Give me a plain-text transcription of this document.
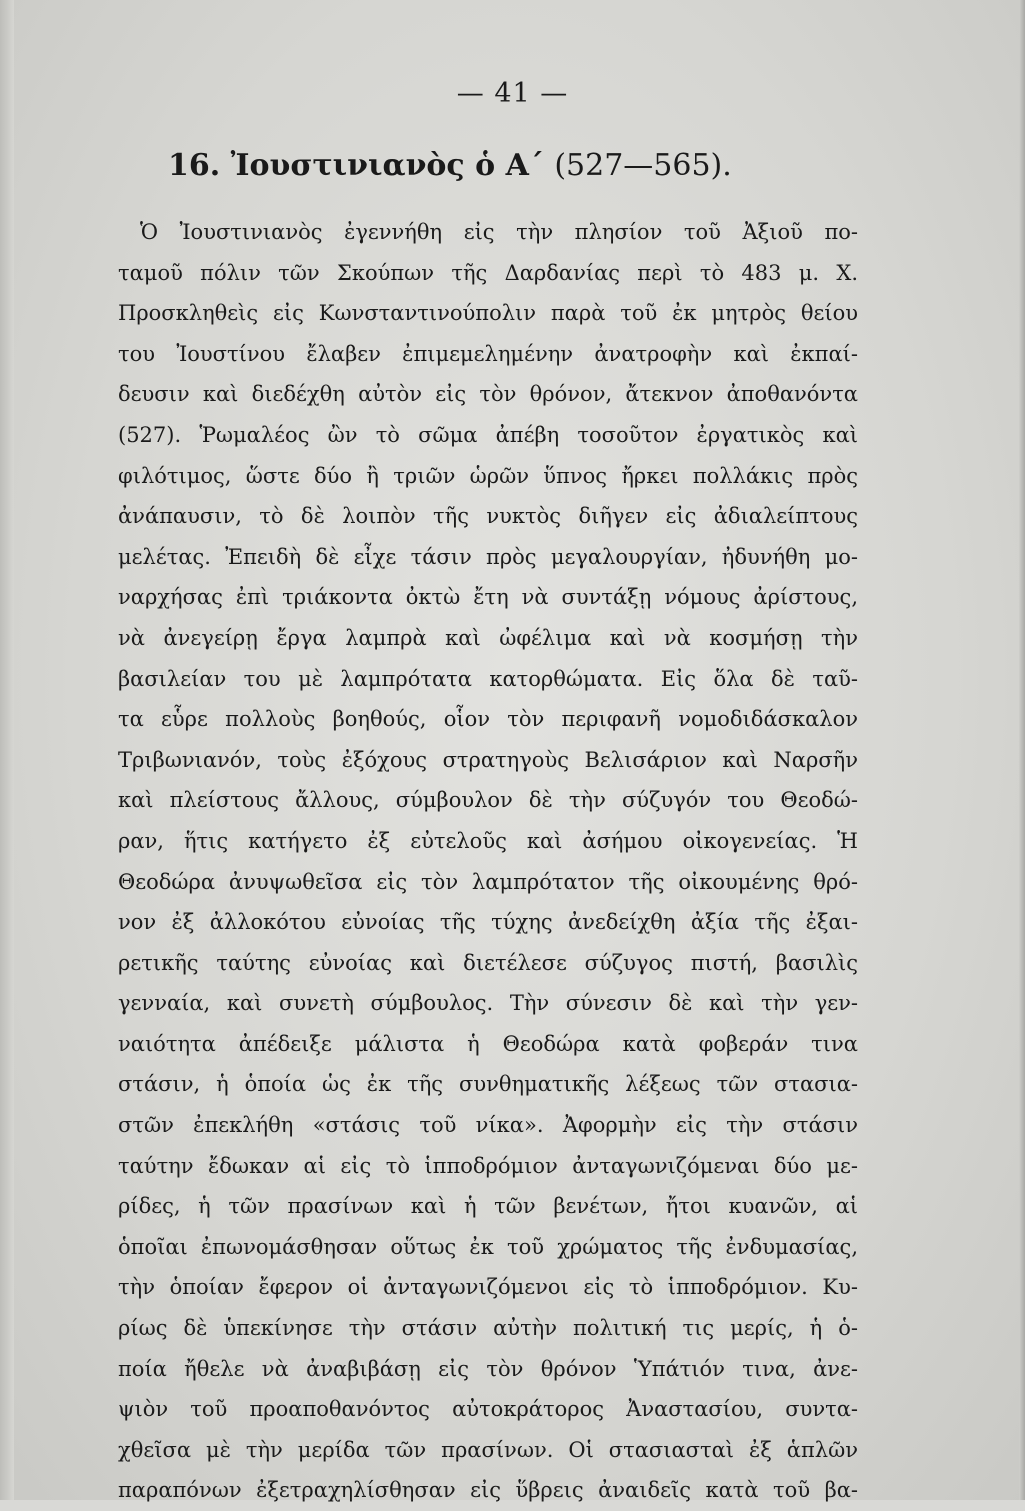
— 41 —
16. Ἰουστινιανὸς ὁ Α΄ (527—565).
Ὁ Ἰουστινιανὸς ἐγεννήθη εἰς τὴν πλησίον τοῦ Ἀξιοῦ πο-
ταμοῦ πόλιν τῶν Σκούπων τῆς Δαρδανίας περὶ τὸ 483 μ. Χ.
Προσκληθεὶς εἰς Κωνσταντινούπολιν παρὰ τοῦ ἐκ μητρὸς θείου
του Ἰουστίνου ἔλαβεν ἐπιμεμελημένην ἀνατροφὴν καὶ ἐκπαί-
δευσιν καὶ διεδέχθη αὐτὸν εἰς τὸν θρόνον, ἄτεκνον ἀποθανόντα
(527). Ῥωμαλέος ὢν τὸ σῶμα ἀπέβη τοσοῦτον ἐργατικὸς καὶ
φιλότιμος, ὥστε δύο ἢ τριῶν ὡρῶν ὕπνος ἤρκει πολλάκις πρὸς
ἀνάπαυσιν, τὸ δὲ λοιπὸν τῆς νυκτὸς διῆγεν εἰς ἀδιαλείπτους
μελέτας. Ἐπειδὴ δὲ εἶχε τάσιν πρὸς μεγαλουργίαν, ἠδυνήθη μο-
ναρχήσας ἐπὶ τριάκοντα ὀκτὼ ἔτη νὰ συντάξῃ νόμους ἀρίστους,
νὰ ἀνεγείρῃ ἔργα λαμπρὰ καὶ ὠφέλιμα καὶ νὰ κοσμήσῃ τὴν
βασιλείαν του μὲ λαμπρότατα κατορθώματα. Εἰς ὅλα δὲ ταῦ-
τα εὗρε πολλοὺς βοηθούς, οἷον τὸν περιφανῆ νομοδιδάσκαλον
Τριβωνιανόν, τοὺς ἐξόχους στρατηγοὺς Βελισάριον καὶ Ναρσῆν
καὶ πλείστους ἄλλους, σύμβουλον δὲ τὴν σύζυγόν του Θεοδώ-
ραν, ἥτις κατήγετο ἐξ εὐτελοῦς καὶ ἀσήμου οἰκογενείας. Ἡ
Θεοδώρα ἀνυψωθεῖσα εἰς τὸν λαμπρότατον τῆς οἰκουμένης θρό-
νον ἐξ ἀλλοκότου εὐνοίας τῆς τύχης ἀνεδείχθη ἀξία τῆς ἐξαι-
ρετικῆς ταύτης εὐνοίας καὶ διετέλεσε σύζυγος πιστή, βασιλὶς
γενναία, καὶ συνετὴ σύμβουλος. Τὴν σύνεσιν δὲ καὶ τὴν γεν-
ναιότητα ἀπέδειξε μάλιστα ἡ Θεοδώρα κατὰ φοβεράν τινα
στάσιν, ἡ ὁποία ὡς ἐκ τῆς συνθηματικῆς λέξεως τῶν στασια-
στῶν ἐπεκλήθη «στάσις τοῦ νίκα». Ἀφορμὴν εἰς τὴν στάσιν
ταύτην ἔδωκαν αἱ εἰς τὸ ἱπποδρόμιον ἀνταγωνιζόμεναι δύο με-
ρίδες, ἡ τῶν πρασίνων καὶ ἡ τῶν βενέτων, ἤτοι κυανῶν, αἱ
ὁποῖαι ἐπωνομάσθησαν οὕτως ἐκ τοῦ χρώματος τῆς ἐνδυμασίας,
τὴν ὁποίαν ἔφερον οἱ ἀνταγωνιζόμενοι εἰς τὸ ἱπποδρόμιον. Κυ-
ρίως δὲ ὑπεκίνησε τὴν στάσιν αὐτὴν πολιτική τις μερίς, ἡ ὁ-
ποία ἤθελε νὰ ἀναβιβάσῃ εἰς τὸν θρόνον Ὑπάτιόν τινα, ἀνε-
ψιὸν τοῦ προαποθανόντος αὐτοκράτορος Ἀναστασίου, συντα-
χθεῖσα μὲ τὴν μερίδα τῶν πρασίνων. Οἱ στασιασταὶ ἐξ ἁπλῶν
παραπόνων ἐξετραχηλίσθησαν εἰς ὕβρεις ἀναιδεῖς κατὰ τοῦ βα-
